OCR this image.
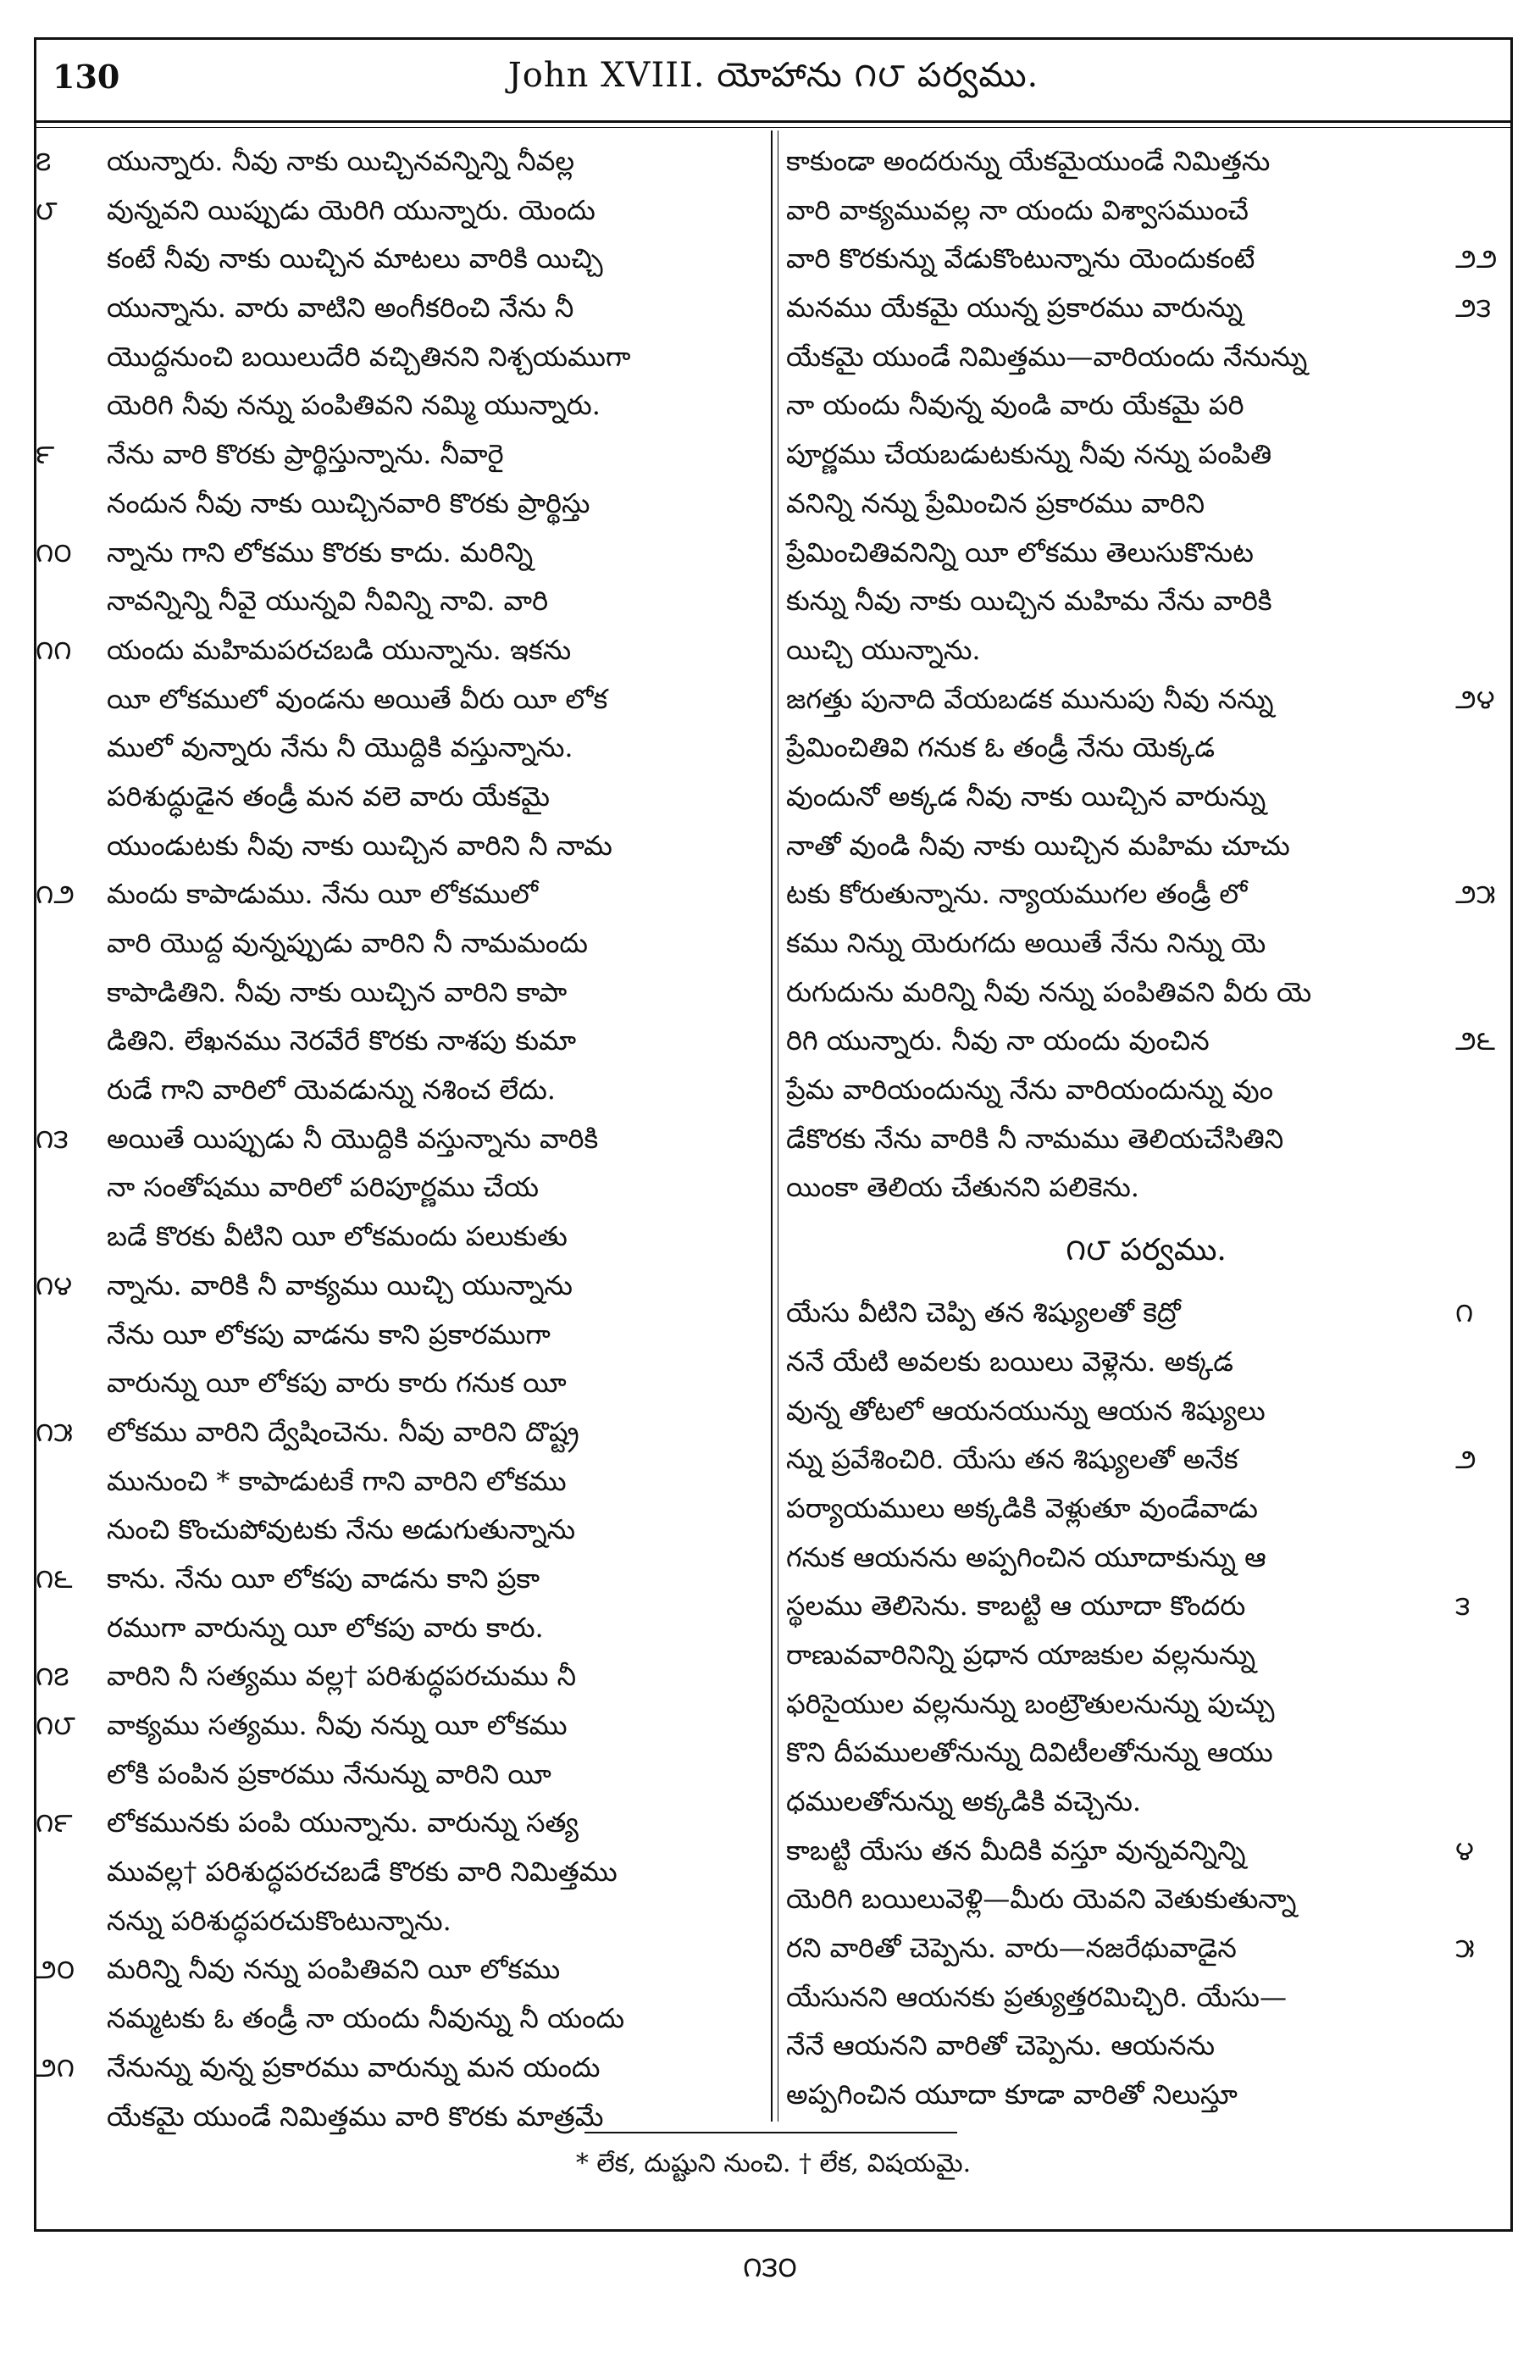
130	John XVIII. యోహాను ౧౮ పర్వము.
౭	యున్నారు. నీవు నాకు యిచ్చినవన్నిన్ని నీవల్ల
౮	వున్నవని యిప్పుడు యెరిగి యున్నారు. యెందు
కంటే నీవు నాకు యిచ్చిన మాటలు వారికి యిచ్చి
యున్నాను. వారు వాటిని అంగీకరించి నేను నీ
యొద్దనుంచి బయిలుదేరి వచ్చితినని నిశ్చయముగా
యెరిగి నీవు నన్ను పంపితివని నమ్మి యున్నారు.
౯	నేను వారి కొరకు ప్రార్థిస్తున్నాను. నీవారై
నందున నీవు నాకు యిచ్చినవారి కొరకు ప్రార్థిస్తు
౧౦	న్నాను గాని లోకము కొరకు కాదు. మరిన్ని
నావన్నిన్ని నీవై యున్నవి నీవిన్ని నావి. వారి
౧౧	యందు మహిమపరచబడి యున్నాను. ఇకను
యీ లోకములో వుండను అయితే వీరు యీ లోక
ములో వున్నారు నేను నీ యొద్దికి వస్తున్నాను.
పరిశుద్ధుడైన తండ్రీ మన వలె వారు యేకమై
యుండుటకు నీవు నాకు యిచ్చిన వారిని నీ నామ
౧౨	మందు కాపాడుము. నేను యీ లోకములో
వారి యొద్ద వున్నప్పుడు వారిని నీ నామమందు
కాపాడితిని. నీవు నాకు యిచ్చిన వారిని కాపా
డితిని. లేఖనము నెరవేరే కొరకు నాశపు కుమా
రుడే గాని వారిలో యెవడున్ను నశించ లేదు.
౧౩	అయితే యిప్పుడు నీ యొద్దికి వస్తున్నాను వారికి
నా సంతోషము వారిలో పరిపూర్ణము చేయ
బడే కొరకు వీటిని యీ లోకమందు పలుకుతు
౧౪	న్నాను. వారికి నీ వాక్యము యిచ్చి యున్నాను
నేను యీ లోకపు వాడను కాని ప్రకారముగా
వారున్ను యీ లోకపు వారు కారు గనుక యీ
౧౫	లోకము వారిని ద్వేషించెను. నీవు వారిని దొష్ట్ర
మునుంచి * కాపాడుటకే గాని వారిని లోకము
నుంచి కొంచుపోవుటకు నేను అడుగుతున్నాను
౧౬	కాను. నేను యీ లోకపు వాడను కాని ప్రకా
రముగా వారున్ను యీ లోకపు వారు కారు.
౧౭	వారిని నీ సత్యము వల్ల† పరిశుద్ధపరచుము నీ
౧౮	వాక్యము సత్యము. నీవు నన్ను యీ లోకము
లోకి పంపిన ప్రకారము నేనున్ను వారిని యీ
౧౯	లోకమునకు పంపి యున్నాను. వారున్ను సత్య
మువల్ల† పరిశుద్ధపరచబడే కొరకు వారి నిమిత్తము
నన్ను పరిశుద్ధపరచుకొంటున్నాను.
౨౦	మరిన్ని నీవు నన్ను పంపితివని యీ లోకము
నమ్మటకు ఓ తండ్రీ నా యందు నీవున్ను నీ యందు
౨౧	నేనున్ను వున్న ప్రకారము వారున్ను మన యందు
యేకమై యుండే నిమిత్తము వారి కొరకు మాత్రమే
కాకుండా అందరున్ను యేకమైయుండే నిమిత్తను
వారి వాక్యమువల్ల నా యందు విశ్వాసముంచే
౨౨
వారి కొరకున్ను వేడుకొంటున్నాను యెందుకంటే
౨౩
మనము యేకమై యున్న ప్రకారము వారున్ను
యేకమై యుండే నిమిత్తము—వారియందు నేనున్ను
నా యందు నీవున్న వుండి వారు యేకమై పరి
పూర్ణము చేయబడుటకున్ను నీవు నన్ను పంపితి
వనిన్ని నన్ను ప్రేమించిన ప్రకారము వారిని
ప్రేమించితివనిన్ని యీ లోకము తెలుసుకొనుట
కున్ను నీవు నాకు యిచ్చిన మహిమ నేను వారికి
యిచ్చి యున్నాను.
౨౪
జగత్తు పునాది వేయబడక మునుపు నీవు నన్ను
ప్రేమించితివి గనుక ఓ తండ్రీ నేను యెక్కడ
వుందునో అక్కడ నీవు నాకు యిచ్చిన వారున్ను
నాతో వుండి నీవు నాకు యిచ్చిన మహిమ చూచు
౨౫
టకు కోరుతున్నాను. న్యాయముగల తండ్రీ లో
కము నిన్ను యెరుగదు అయితే నేను నిన్ను యె
రుగుదును మరిన్ని నీవు నన్ను పంపితివని వీరు యె
౨౬
రిగి యున్నారు. నీవు నా యందు వుంచిన
ప్రేమ వారియందున్ను నేను వారియందున్ను వుం
డేకొరకు నేను వారికి నీ నామము తెలియచేసితిని
యింకా తెలియ చేతునని పలికెను.
౧౮ పర్వము.
౧
యేసు వీటిని చెప్పి తన శిష్యులతో కెద్రో
ననే యేటి అవలకు బయిలు వెళ్లెను. అక్కడ
వున్న తోటలో ఆయనయున్ను ఆయన శిష్యులు
౨
న్ను ప్రవేశించిరి. యేసు తన శిష్యులతో అనేక
పర్యాయములు అక్కడికి వెళ్లుతూ వుండేవాడు
గనుక ఆయనను అప్పగించిన యూదాకున్ను ఆ
౩
స్థలము తెలిసెను. కాబట్టి ఆ యూదా కొందరు
రాణువవారినిన్ని ప్రధాన యాజకుల వల్లనున్ను
ఫరిసైయుల వల్లనున్ను బంట్రౌతులనున్ను పుచ్చు
కొని దీపములతోనున్ను దివిటీలతోనున్ను ఆయు
ధములతోనున్ను అక్కడికి వచ్చెను.
౪
కాబట్టి యేసు తన మీదికి వస్తూ వున్నవన్నిన్ని
యెరిగి బయిలువెళ్లి—మీరు యెవని వెతుకుతున్నా
౫
రని వారితో చెప్పెను. వారు—నజరేథువాడైన
యేసునని ఆయనకు ప్రత్యుత్తరమిచ్చిరి. యేసు—
నేనే ఆయనని వారితో చెప్పెను. ఆయనను
అప్పగించిన యూదా కూడా వారితో నిలుస్తూ
* లేక, దుష్టుని నుంచి. † లేక, విషయమై.
౧౩౦
